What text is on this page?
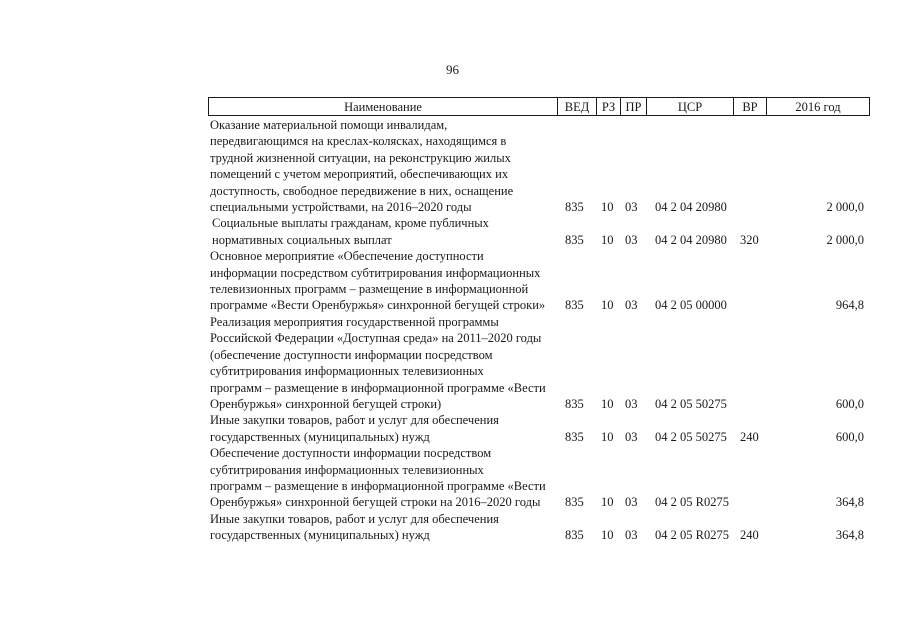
96
Наименование	ВЕД	РЗ ПР	ЦСР	ВР	2016 год
Оказание материальной помощи инвалидам,
передвигающимся на креслах-колясках, находящимся в
трудной жизненной ситуации, на реконструкцию жилых
помещений с учетом мероприятий, обеспечивающих их
доступность, свободное передвижение в них, оснащение
специальными устройствами, на 2016–2020 годы	835 10 03 04 2 04 20980	2 000,0
Социальные выплаты гражданам, кроме публичных
нормативных социальных выплат	835 10 03 04 2 04 20980 320	2 000,0
Основное мероприятие «Обеспечение доступности
информации посредством субтитрирования информационных
телевизионных программ – размещение в информационной
программе «Вести Оренбуржья» синхронной бегущей строки»	835 10 03 04 2 05 00000	964,8
Реализация мероприятия государственной программы
Российской Федерации «Доступная среда» на 2011–2020 годы
(обеспечение доступности информации посредством
субтитрирования информационных телевизионных
программ – размещение в информационной программе «Вести
Оренбуржья» синхронной бегущей строки)	835 10 03 04 2 05 50275	600,0
Иные закупки товаров, работ и услуг для обеспечения
государственных (муниципальных) нужд	835 10 03 04 2 05 50275 240	600,0
Обеспечение доступности информации посредством
субтитрирования информационных телевизионных
программ – размещение в информационной программе «Вести
Оренбуржья» синхронной бегущей строки на 2016–2020 годы	835 10 03 04 2 05 R0275	364,8
Иные закупки товаров, работ и услуг для обеспечения
государственных (муниципальных) нужд	835 10 03 04 2 05 R0275 240	364,8
